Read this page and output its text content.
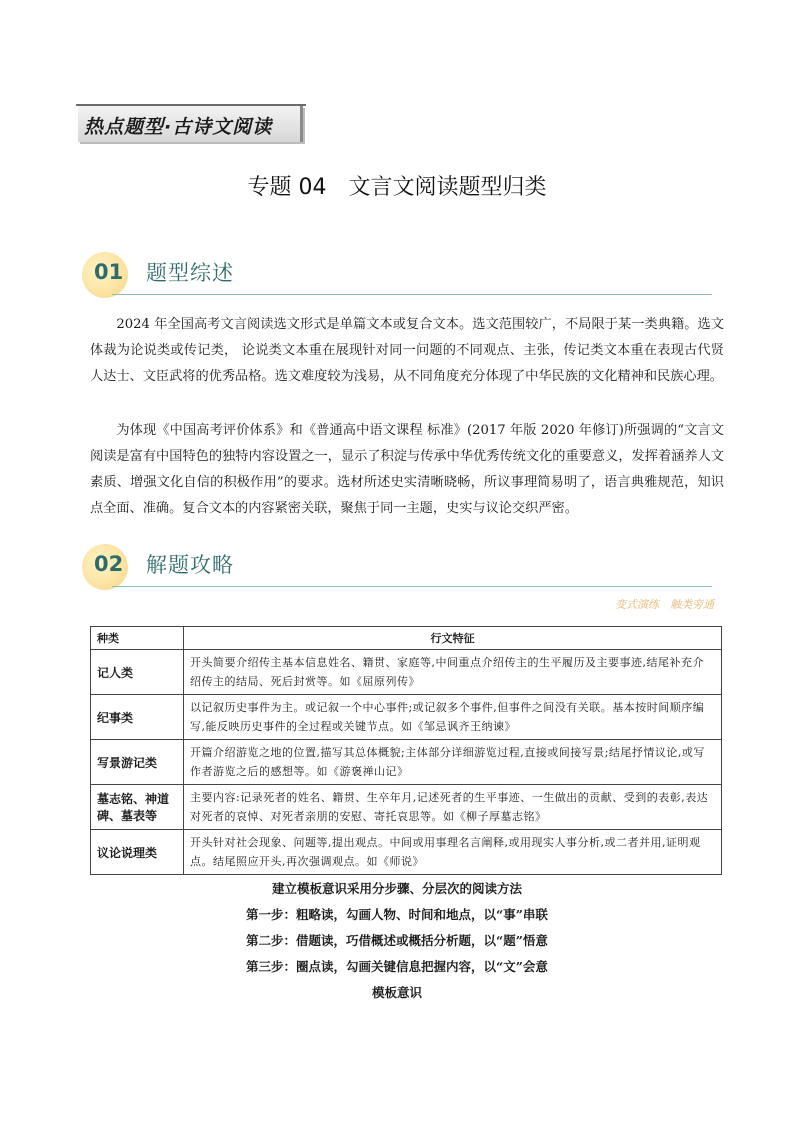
热点题型·古诗文阅读
专题 04　文言文阅读题型归类
01 题型综述

2024 年全国高考文言阅读选文形式是单篇文本或复合文本。选文范围较广，不局限于某一类典籍。选文体裁为论说类或传记类， 论说类文本重在展现针对同一问题的不同观点、主张，传记类文本重在表现古代贤人达士、文臣武将的优秀品格。选文难度较为浅易，从不同角度充分体现了中华民族的文化精神和民族心理。

为体现《中国高考评价体系》和《普通高中语文课程 标准》(2017 年版 2020 年修订)所强调的“文言文阅读是富有中国特色的独特内容设置之一，显示了积淀与传承中华优秀传统文化的重要意义，发挥着涵养人文素质、增强文化自信的积极作用”的要求。选材所述史实清晰晓畅，所议事理简易明了，语言典雅规范，知识点全面、准确。复合文本的内容紧密关联，聚焦于同一主题，史实与议论交织严密。

02 解题攻略
变式演练　触类旁通
种类	行文特征
记人类	开头简要介绍传主基本信息姓名、籍贯、家庭等,中间重点介绍传主的生平履历及主要事迹,结尾补充介绍传主的结局、死后封赏等。如《屈原列传》
纪事类	以记叙历史事件为主。或记叙一个中心事件;或记叙多个事件,但事件之间没有关联。基本按时间顺序编写,能反映历史事件的全过程或关键节点。如《邹忌讽齐王纳谏》
写景游记类	开篇介绍游览之地的位置,描写其总体概貌;主体部分详细游览过程,直接或间接写景;结尾抒情议论,或写作者游览之后的感想等。如《游褒禅山记》
墓志铭、神道碑、墓表等	主要内容:记录死者的姓名、籍贯、生卒年月,记述死者的生平事迹、一生做出的贡献、受到的表彰,表达对死者的哀悼、对死者亲朋的安慰、寄托哀思等。如《柳子厚墓志铭》
议论说理类	开头针对社会现象、问题等,提出观点。中间或用事理名言阐释,或用现实人事分析,或二者并用,证明观点。结尾照应开头,再次强调观点。如《师说》
建立模板意识采用分步骤、分层次的阅读方法
第一步：粗略读，勾画人物、时间和地点，以“事”串联
第二步：借题读，巧借概述或概括分析题，以“题”悟意
第三步：圈点读，勾画关键信息把握内容，以“文”会意
模板意识
